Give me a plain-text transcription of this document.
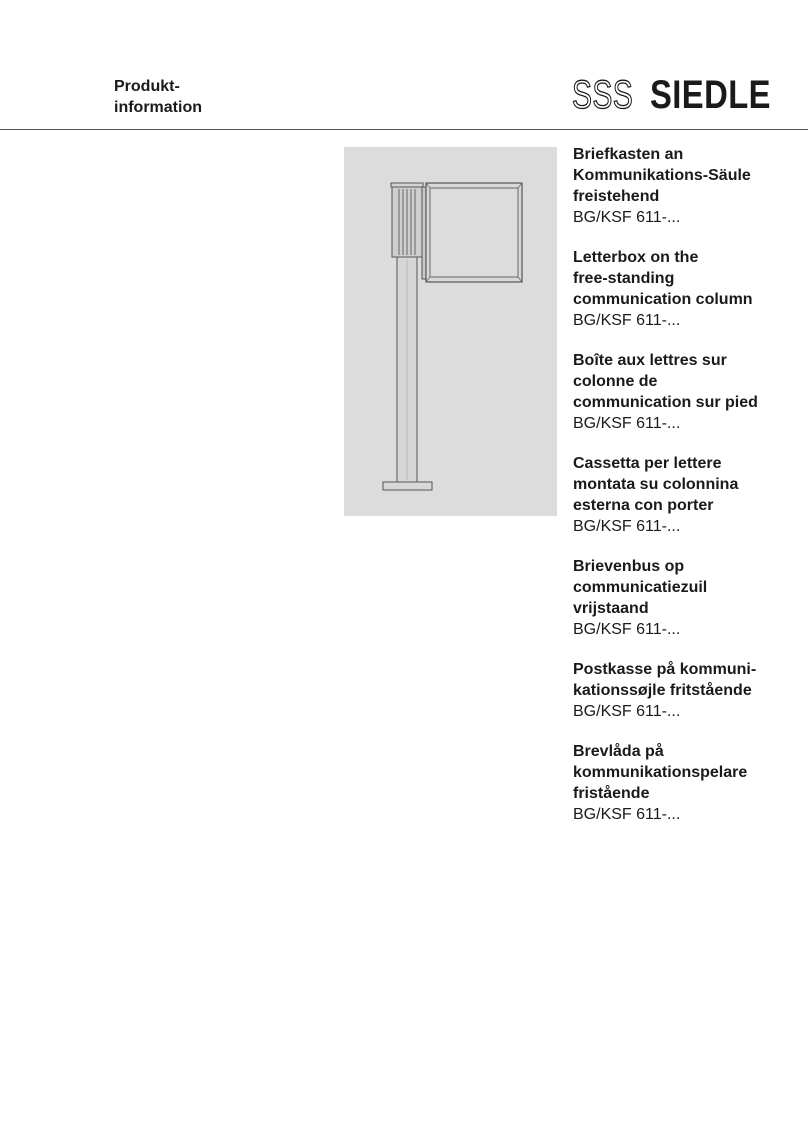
Produkt-
information	SSS SIEDLE
Briefkasten an
Kommunikations-Säule
freistehend
BG/KSF 611-...
Letterbox on the
free-standing
communication column
BG/KSF 611-...
Boîte aux lettres sur
colonne de
communication sur pied
BG/KSF 611-...
Cassetta per lettere
montata su colonnina
esterna con porter
BG/KSF 611-...
Brievenbus op
communicatiezuil
vrijstaand
BG/KSF 611-...
Postkasse på kommuni-
kationssøjle fritstående
BG/KSF 611-...
Brevlåda på
kommunikationspelare
fristående
BG/KSF 611-...
